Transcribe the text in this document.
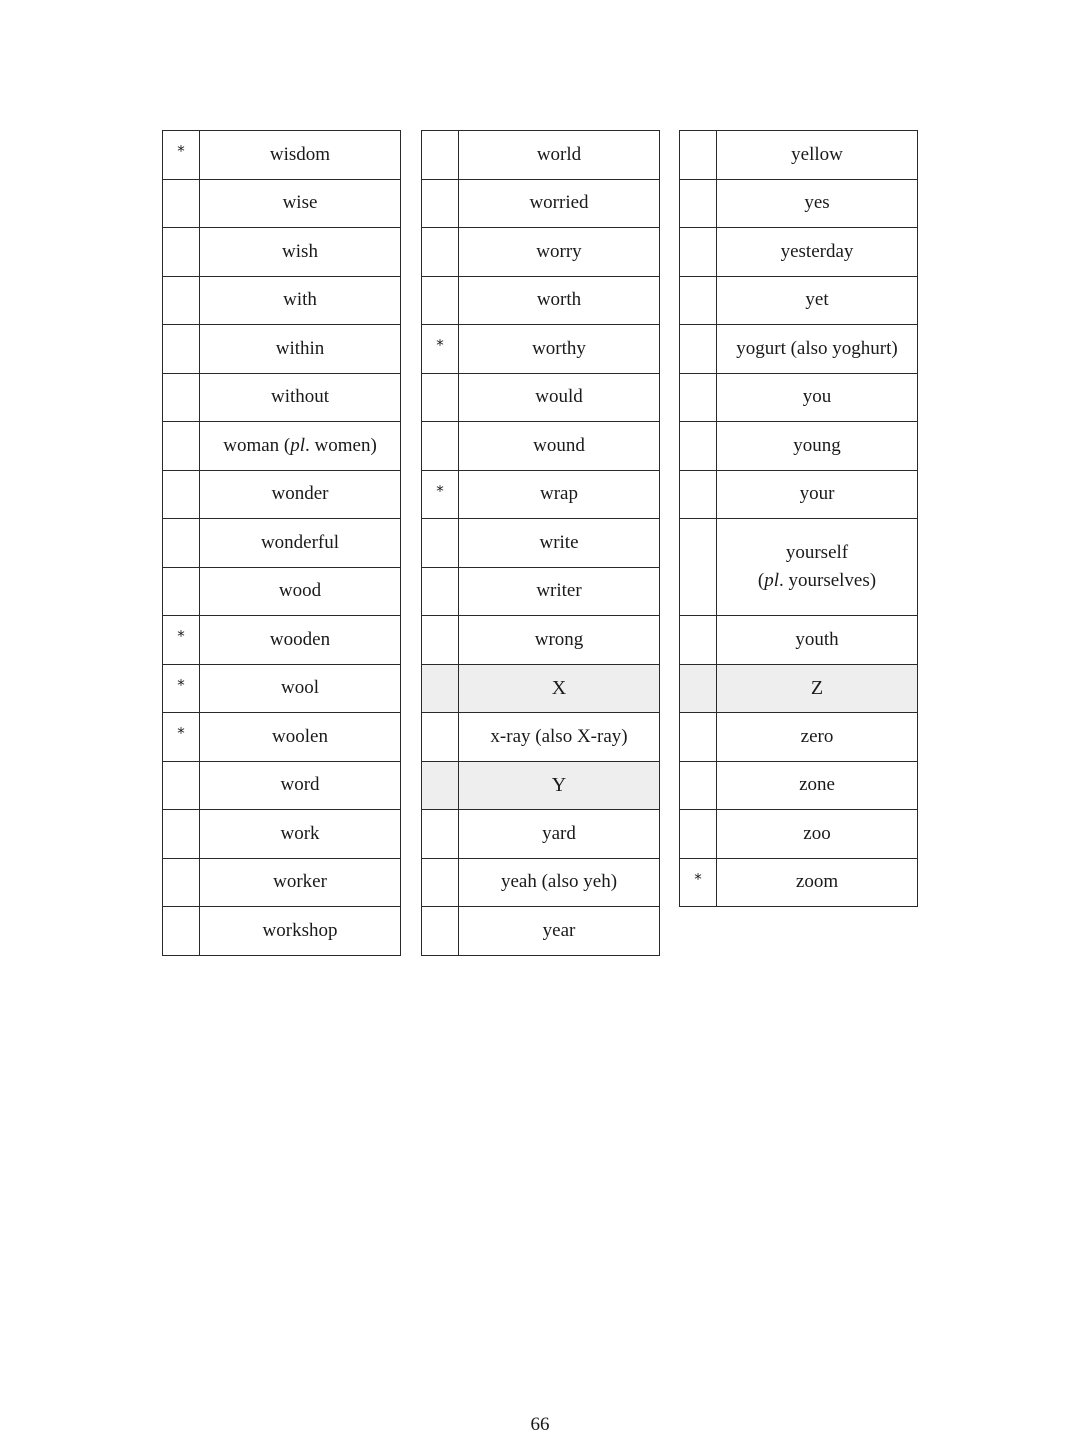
*	wisdom
	wise
	wish
	with
	within
	without
	woman (pl. women)
	wonder
	wonderful
	wood
*	wooden
*	wool
*	woolen
	word
	work
	worker
	workshop
	world
	worried
	worry
	worth
*	worthy
	would
	wound
*	wrap
	write
	writer
	wrong
	X
	x-ray (also X-ray)
	Y
	yard
	yeah (also yeh)
	year
	yellow
	yes
	yesterday
	yet
	yogurt (also yoghurt)
	you
	young
	your
	yourself
(pl. yourselves)
	youth
	Z
	zero
	zone
	zoo
*	zoom
66
